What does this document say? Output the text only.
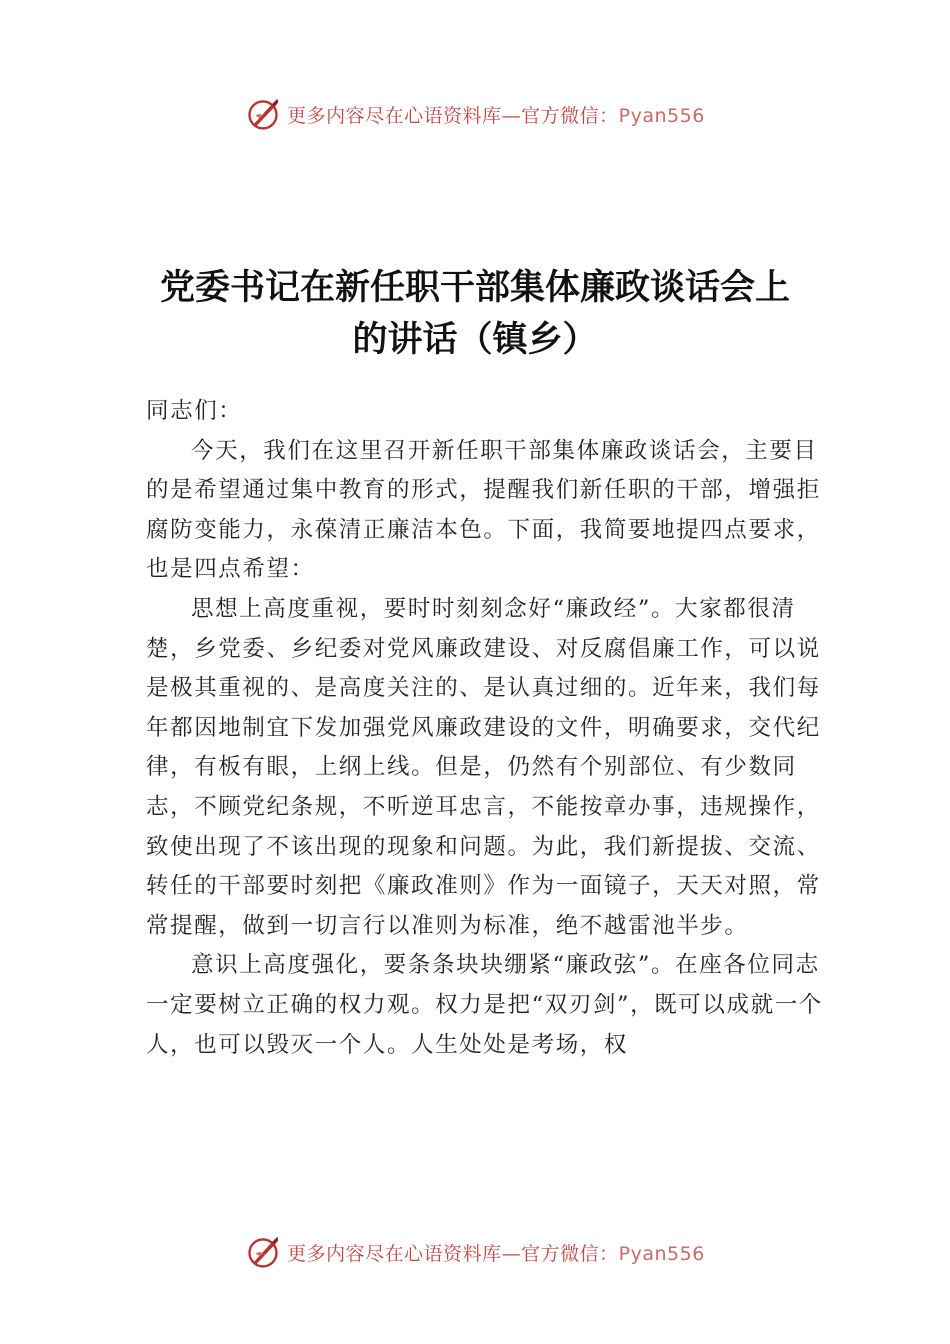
更多内容尽在心语资料库—官方微信：Pyan556
党委书记在新任职干部集体廉政谈话会上
的讲话（镇乡）

同志们：

今天，我们在这里召开新任职干部集体廉政谈话会，主要目的是希望通过集中教育的形式，提醒我们新任职的干部，增强拒腐防变能力，永葆清正廉洁本色。下面，我简要地提四点要求，也是四点希望：

思想上高度重视，要时时刻刻念好“廉政经”。大家都很清楚，乡党委、乡纪委对党风廉政建设、对反腐倡廉工作，可以说是极其重视的、是高度关注的、是认真过细的。近年来，我们每年都因地制宜下发加强党风廉政建设的文件，明确要求，交代纪律，有板有眼，上纲上线。但是，仍然有个别部位、有少数同志，不顾党纪条规，不听逆耳忠言，不能按章办事，违规操作，致使出现了不该出现的现象和问题。为此，我们新提拔、交流、转任的干部要时刻把《廉政准则》作为一面镜子，天天对照，常常提醒，做到一切言行以准则为标准，绝不越雷池半步。

意识上高度强化，要条条块块绷紧“廉政弦”。在座各位同志一定要树立正确的权力观。权力是把“双刃剑”，既可以成就一个人，也可以毁灭一个人。人生处处是考场，权

更多内容尽在心语资料库—官方微信：Pyan556
